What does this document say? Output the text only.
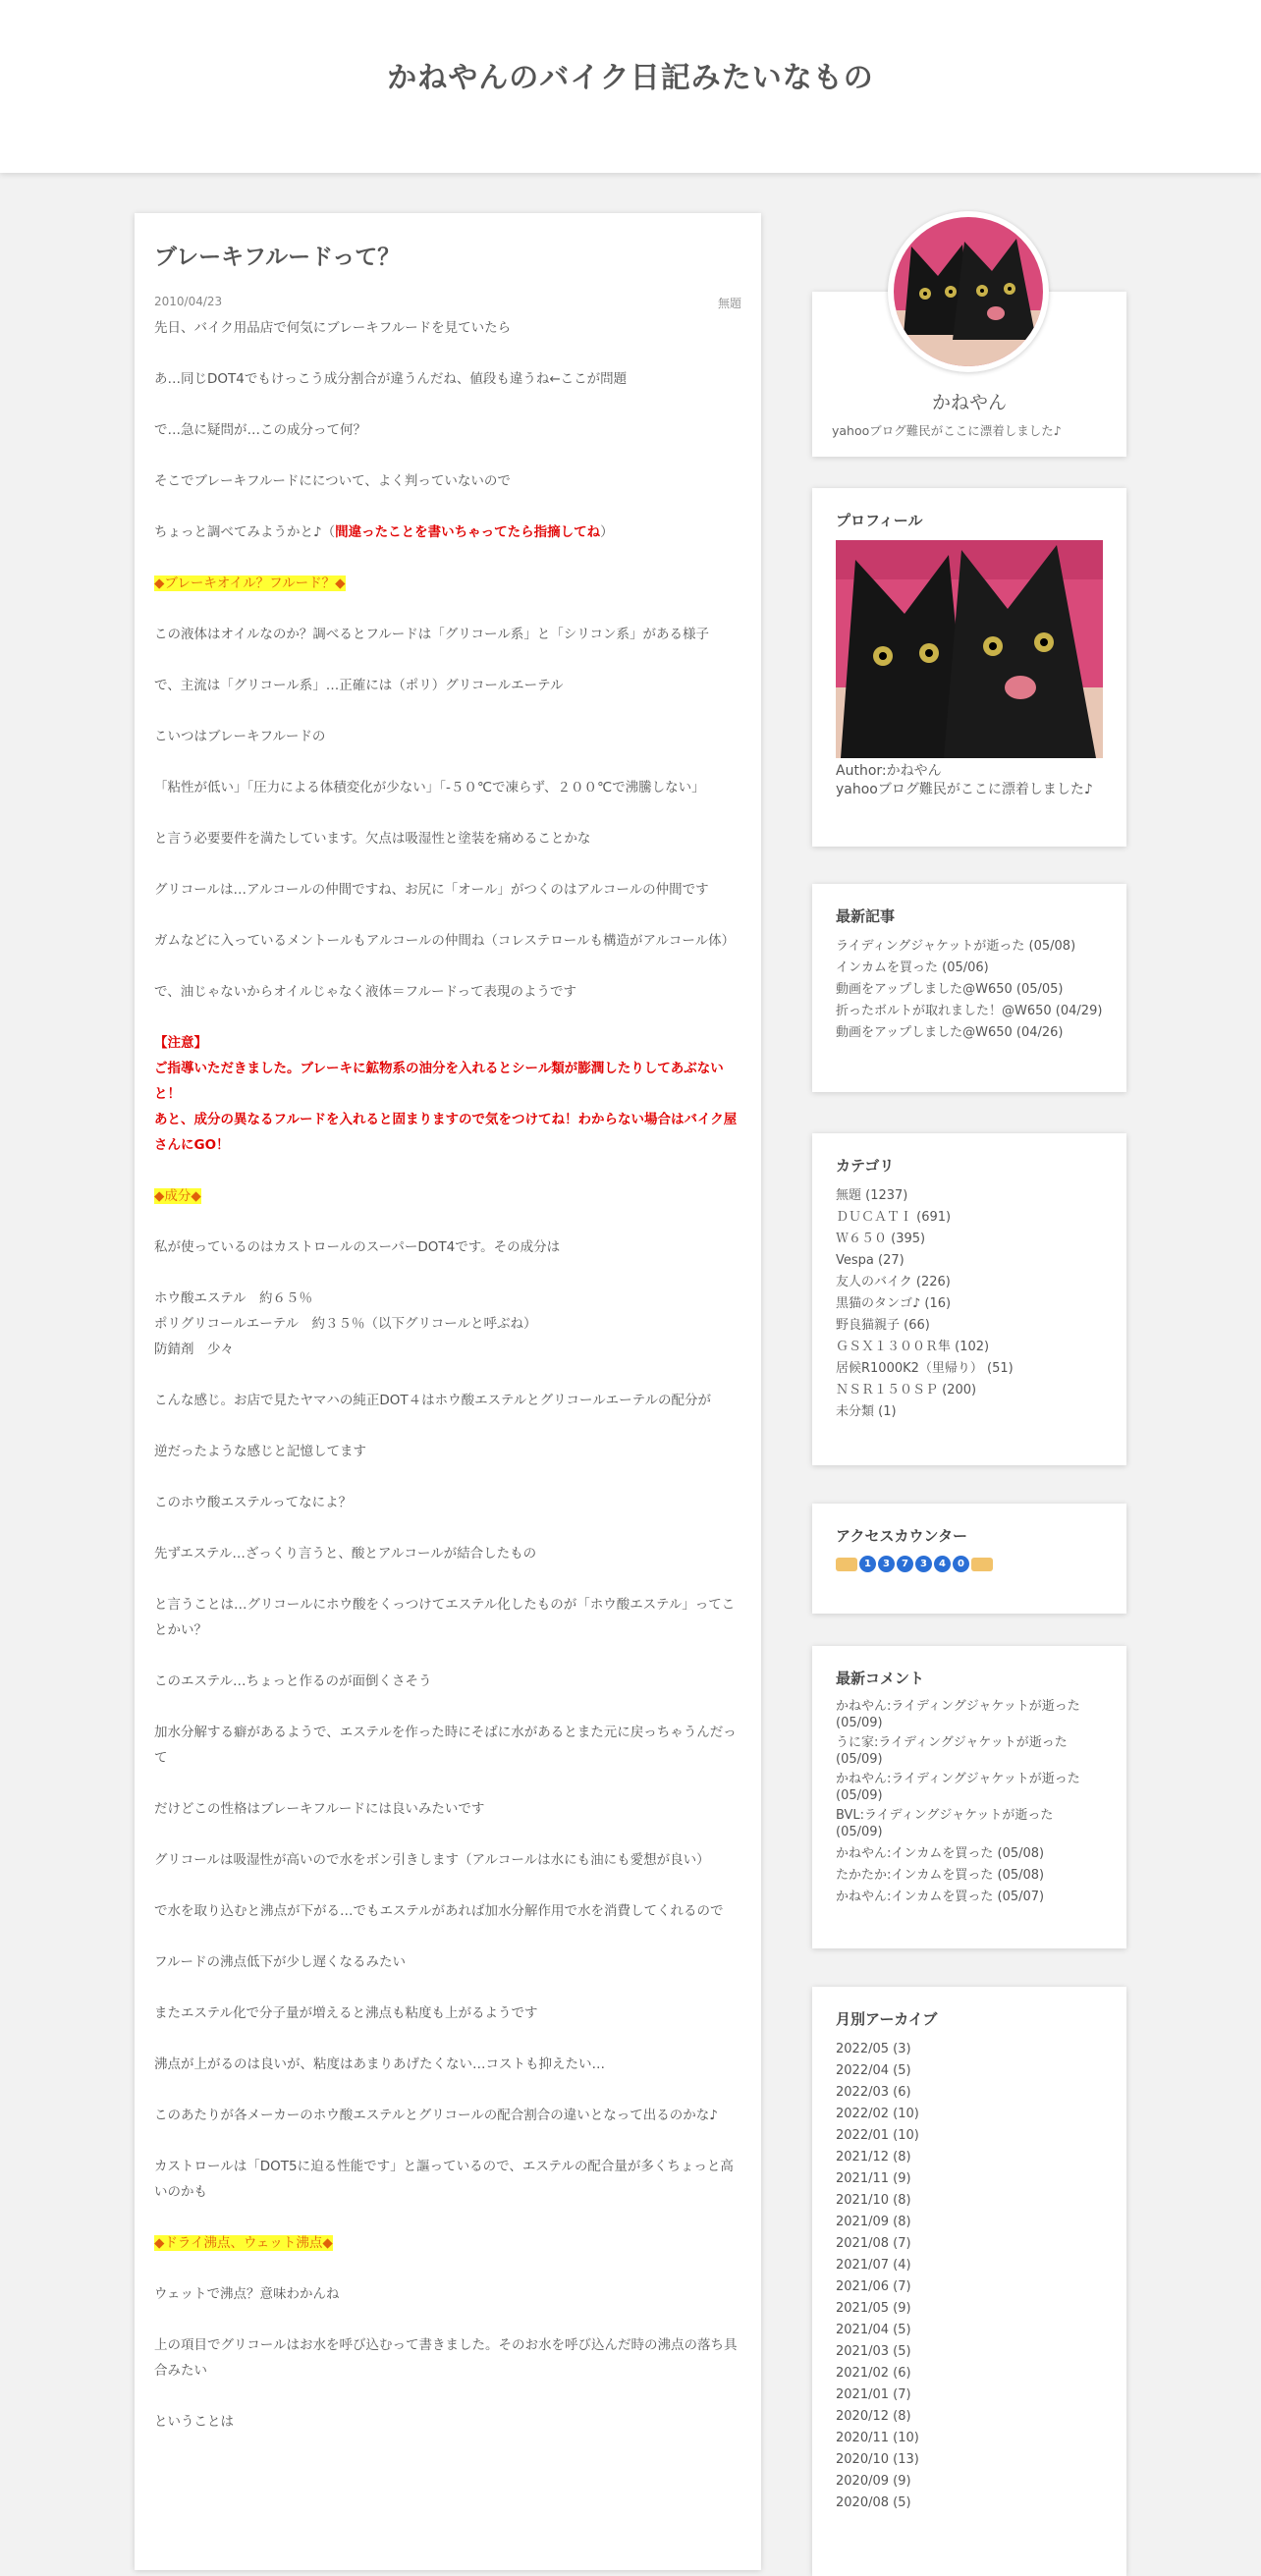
かねやんのバイク日記みたいなもの
ブレーキフルードって？
2010/04/23	無題

先日、バイク用品店で何気にブレーキフルードを見ていたら

あ…同じDOT4でもけっこう成分割合が違うんだね、値段も違うね←ここが問題

で…急に疑問が…この成分って何？

そこでブレーキフルードにについて、よく判っていないので

ちょっと調べてみようかと♪（間違ったことを書いちゃってたら指摘してね）

◆ブレーキオイル？フルード？◆

この液体はオイルなのか？調べるとフルードは「グリコール系」と「シリコン系」がある様子

で、主流は「グリコール系」…正確には（ポリ）グリコールエーテル

こいつはブレーキフルードの

「粘性が低い」「圧力による体積変化が少ない」「-５０℃で凍らず、２００℃で沸騰しない」

と言う必要要件を満たしています。欠点は吸湿性と塗装を痛めることかな

グリコールは…アルコールの仲間ですね、お尻に「オール」がつくのはアルコールの仲間です

ガムなどに入っているメントールもアルコールの仲間ね（コレステロールも構造がアルコール体）

で、油じゃないからオイルじゃなく液体＝フルードって表現のようです

【注意】
ご指導いただきました。ブレーキに鉱物系の油分を入れるとシール類が膨潤したりしてあぶないと！
あと、成分の異なるフルードを入れると固まりますので気をつけてね！わからない場合はバイク屋さんにGO！

◆成分◆

私が使っているのはカストロールのスーパーDOT4です。その成分は

ホウ酸エステル　約６５％
ポリグリコールエーテル　約３５％（以下グリコールと呼ぶね）
防錆剤　少々

こんな感じ。お店で見たヤマハの純正DOT４はホウ酸エステルとグリコールエーテルの配分が

逆だったような感じと記憶してます

このホウ酸エステルってなによ？

先ずエステル…ざっくり言うと、酸とアルコールが結合したもの

と言うことは…グリコールにホウ酸をくっつけてエステル化したものが「ホウ酸エステル」ってことかい？

このエステル…ちょっと作るのが面倒くさそう

加水分解する癖があるようで、エステルを作った時にそばに水があるとまた元に戻っちゃうんだって

だけどこの性格はブレーキフルードには良いみたいです

グリコールは吸湿性が高いので水をボン引きします（アルコールは水にも油にも愛想が良い）

で水を取り込むと沸点が下がる…でもエステルがあれば加水分解作用で水を消費してくれるので

フルードの沸点低下が少し遅くなるみたい

またエステル化で分子量が増えると沸点も粘度も上がるようです

沸点が上がるのは良いが、粘度はあまりあげたくない…コストも抑えたい…

このあたりが各メーカーのホウ酸エステルとグリコールの配合割合の違いとなって出るのかな♪

カストロールは「DOT5に迫る性能です」と謳っているので、エステルの配合量が多くちょっと高いのかも

◆ドライ沸点、ウェット沸点◆

ウェットで沸点？意味わかんね

上の項目でグリコールはお水を呼び込むって書きました。そのお水を呼び込んだ時の沸点の落ち具合みたい

ということは

かねやん
yahooブログ難民がここに漂着しました♪
プロフィール
Author:かねやん
yahooブログ難民がここに漂着しました♪
最新記事
ライディングジャケットが逝った (05/08)
インカムを買った (05/06)
動画をアップしました@W650 (05/05)
折ったボルトが取れました！@W650 (04/29)
動画をアップしました@W650 (04/26)
カテゴリ
無題 (1237)
ＤＵＣＡＴＩ (691)
Ｗ６５０ (395)
Vespa (27)
友人のバイク (226)
黒猫のタンゴ♪ (16)
野良猫親子 (66)
ＧＳＸ１３００Ｒ隼 (102)
居候R1000K2（里帰り） (51)
ＮＳＲ１５０ＳＰ (200)
未分類 (1)
アクセスカウンター
1	3	7	3	4	0
最新コメント
かねやん:ライディングジャケットが逝った (05/09)
うに家:ライディングジャケットが逝った (05/09)
かねやん:ライディングジャケットが逝った (05/09)
BVL:ライディングジャケットが逝った (05/09)
かねやん:インカムを買った (05/08)
たかたか:インカムを買った (05/08)
かねやん:インカムを買った (05/07)
月別アーカイブ
2022/05 (3)
2022/04 (5)
2022/03 (6)
2022/02 (10)
2022/01 (10)
2021/12 (8)
2021/11 (9)
2021/10 (8)
2021/09 (8)
2021/08 (7)
2021/07 (4)
2021/06 (7)
2021/05 (9)
2021/04 (5)
2021/03 (5)
2021/02 (6)
2021/01 (7)
2020/12 (8)
2020/11 (10)
2020/10 (13)
2020/09 (9)
2020/08 (5)
